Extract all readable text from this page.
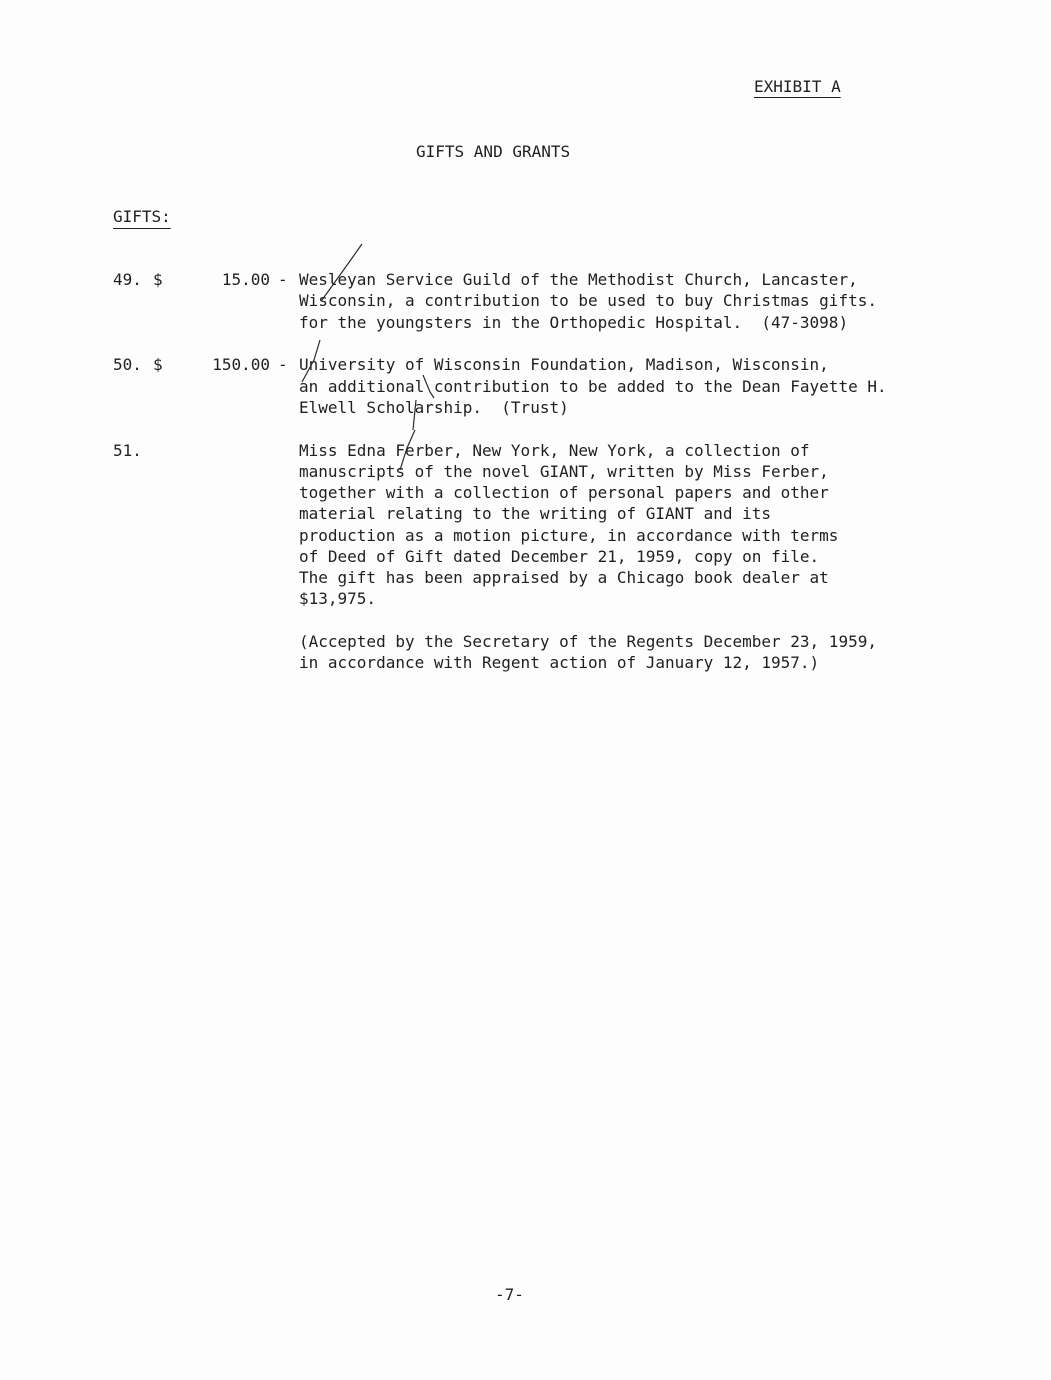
EXHIBIT A
GIFTS AND GRANTS
GIFTS:
49. $	15.00 - Wesleyan Service Guild of the Methodist Church, Lancaster,
Wisconsin, a contribution to be used to buy Christmas gifts.
for the youngsters in the Orthopedic Hospital.  (47-3098)
50. $	150.00 - University of Wisconsin Foundation, Madison, Wisconsin,
an additional contribution to be added to the Dean Fayette H.
Elwell Scholarship.  (Trust)
51.	Miss Edna Ferber, New York, New York, a collection of
manuscripts of the novel GIANT, written by Miss Ferber,
together with a collection of personal papers and other
material relating to the writing of GIANT and its
production as a motion picture, in accordance with terms
of Deed of Gift dated December 21, 1959, copy on file.
The gift has been appraised by a Chicago book dealer at
$13,975.
(Accepted by the Secretary of the Regents December 23, 1959,
in accordance with Regent action of January 12, 1957.)
-7-
